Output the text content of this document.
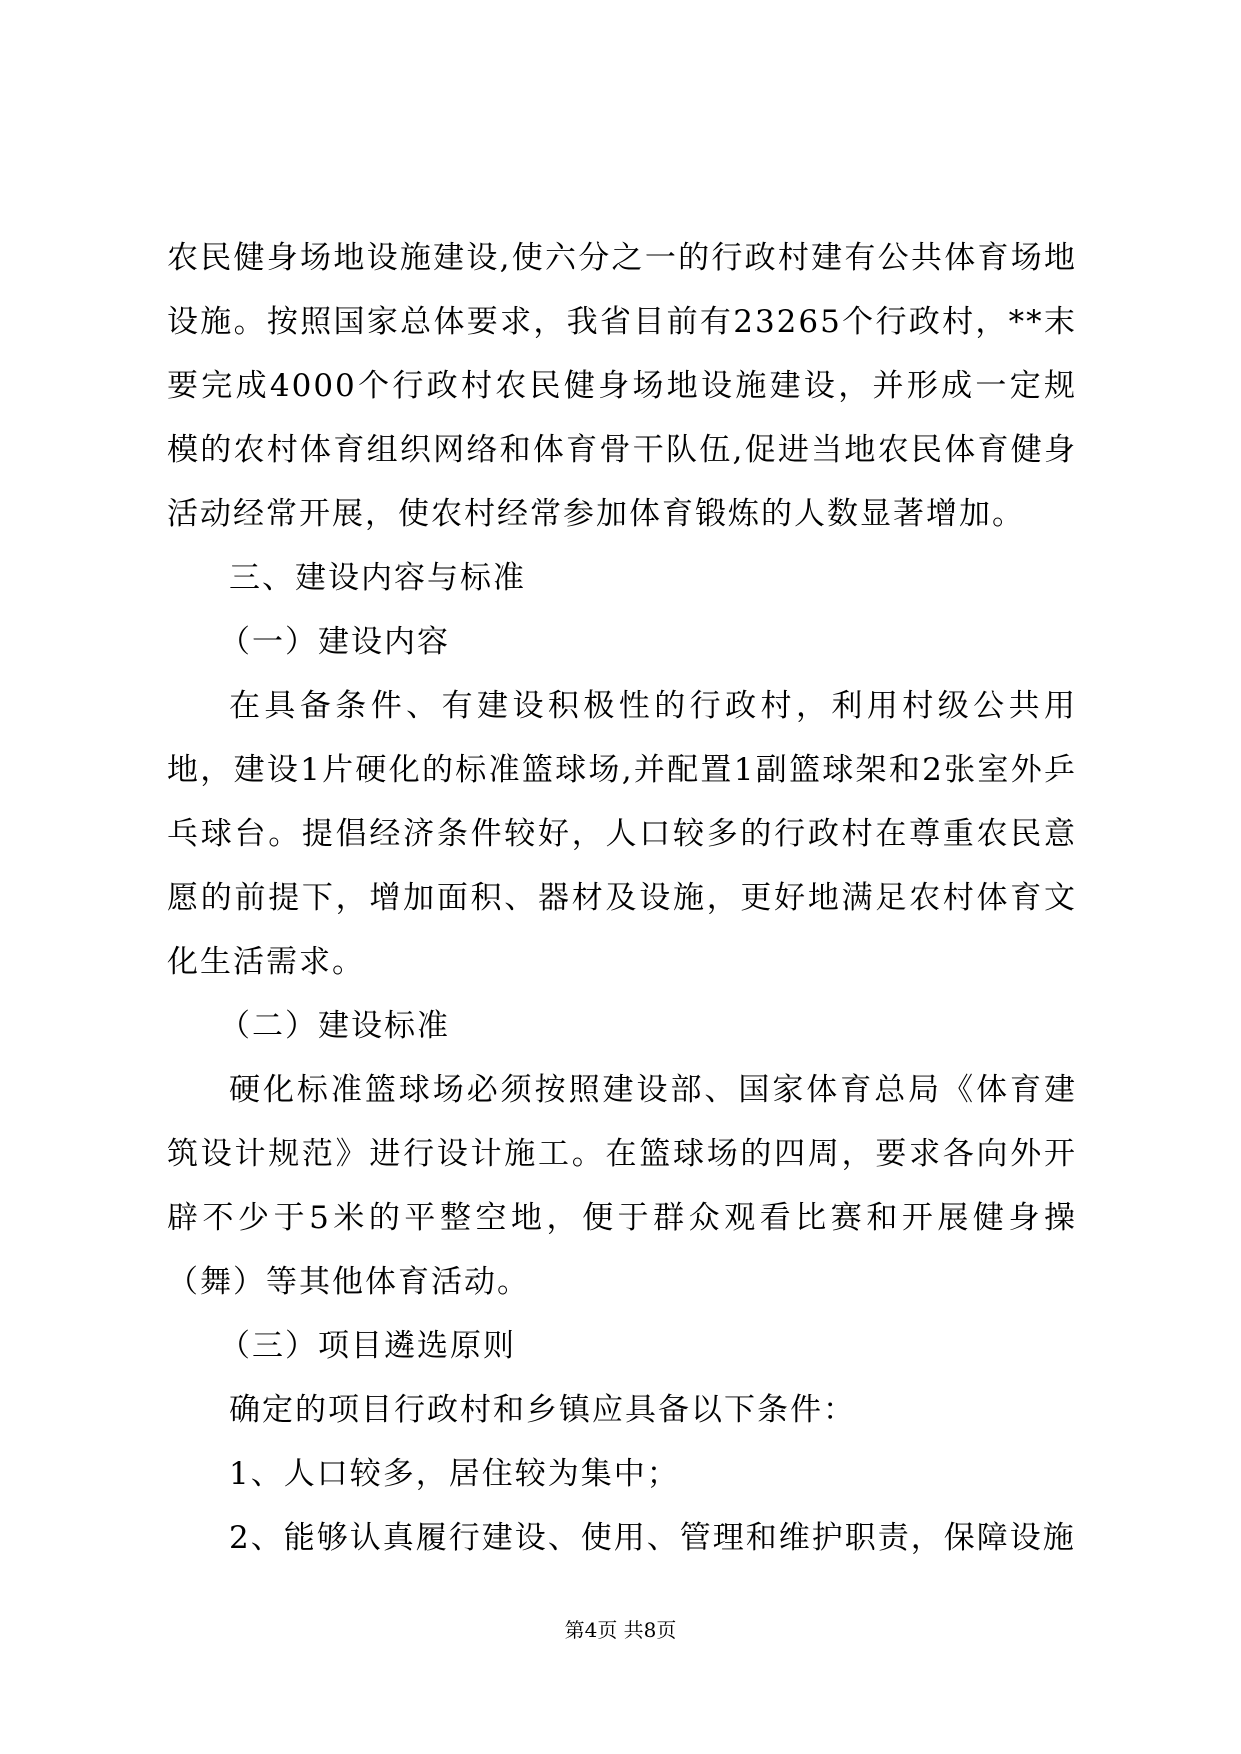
农民健身场地设施建设,使六分之一的行政村建有公共体育场地设施。按照国家总体要求，我省目前有23265个行政村，**末要完成4000个行政村农民健身场地设施建设，并形成一定规模的农村体育组织网络和体育骨干队伍,促进当地农民体育健身活动经常开展，使农村经常参加体育锻炼的人数显著增加。

三、建设内容与标准

（一）建设内容

在具备条件、有建设积极性的行政村，利用村级公共用地，建设1片硬化的标准篮球场,并配置1副篮球架和2张室外乒乓球台。提倡经济条件较好，人口较多的行政村在尊重农民意愿的前提下，增加面积、器材及设施，更好地满足农村体育文化生活需求。

（二）建设标准

硬化标准篮球场必须按照建设部、国家体育总局《体育建筑设计规范》进行设计施工。在篮球场的四周，要求各向外开辟不少于5米的平整空地，便于群众观看比赛和开展健身操（舞）等其他体育活动。

（三）项目遴选原则

确定的项目行政村和乡镇应具备以下条件：

1、人口较多，居住较为集中；

2、能够认真履行建设、使用、管理和维护职责，保障设施

第4页 共8页
